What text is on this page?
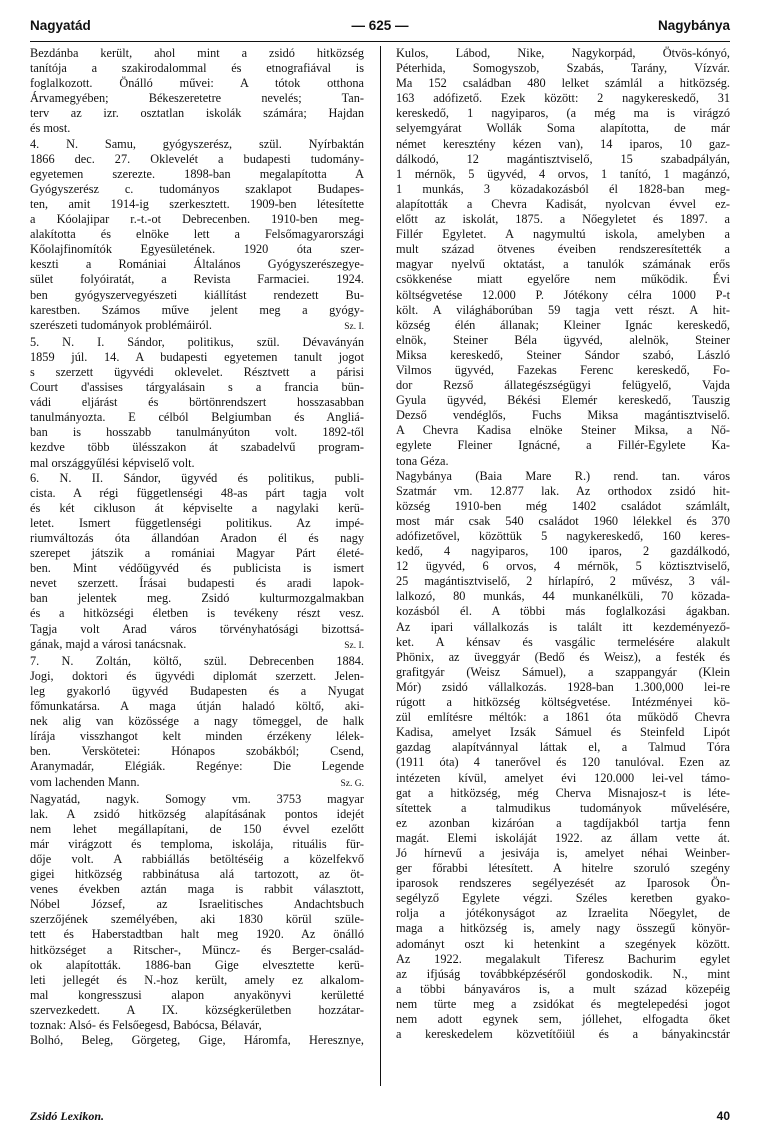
Nagyatád	— 625 —	Nagybánya
Bezdánba került, ahol mint a zsidó hitközség
tanítója a szakirodalommal és etnografiával is
foglalkozott. Önálló művei: A tótok otthona
Árvamegyében; Békeszeretetre nevelés; Tan-
terv az izr. osztatlan iskolák számára; Hajdan
és most.
4. N. Samu, gyógyszerész, szül. Nyírbaktán
1866 dec. 27. Oklevelét a budapesti tudomány-
egyetemen szerezte. 1898-ban megalapította A
Gyógyszerész c. tudományos szaklapot Budapes-
ten, amit 1914-ig szerkesztett. 1909-ben létesítette
a Kóolajipar r.-t.-ot Debrecenben. 1910-ben meg-
alakította és elnöke lett a Felsőmagyarországi
Kőolajfinomítók Egyesületének. 1920 óta szer-
keszti a Romániai Általános Gyógyszerészegye-
sület folyóiratát, a Revista Farmaciei. 1924.
ben gyógyszervegyészeti kiállítást rendezett Bu-
karestben. Számos műve jelent meg a gyógy-
Sz. I.
szerészeti tudományok problémáiról.
5. N. I. Sándor, politikus, szül. Dévaványán
1859 júl. 14. A budapesti egyetemen tanult jogot
s szerzett ügyvédi oklevelet. Résztvett a párisi
Court d'assises tárgyalásain s a francia bün-
vádi eljárást és börtönrendszert hosszasabban
tanulmányozta. E célból Belgiumban és Angliá-
ban is hosszabb tanulmányúton volt. 1892-től
kezdve több ülésszakon át szabadelvű program-
mal országgyűlési képviselő volt.
6. N. II. Sándor, ügyvéd és politikus, publi-
cista. A régi függetlenségi 48-as párt tagja volt
és két cikluson át képviselte a nagylaki kerü-
letet. Ismert függetlenségi politikus. Az impé-
riumváltozás óta állandóan Aradon él és nagy
szerepet játszik a romániai Magyar Párt életé-
ben. Mint védőügyvéd és publicista is ismert
nevet szerzett. Írásai budapesti és aradi lapok-
ban jelentek meg. Zsidó kulturmozgalmakban
és a hitközségi életben is tevékeny részt vesz.
Tagja volt Arad város törvényhatósági bizottsá-
Sz. I.
gának, majd a városi tanácsnak.
7. N. Zoltán, költő, szül. Debrecenben 1884.
Jogi, doktori és ügyvédi diplomát szerzett. Jelen-
leg gyakorló ügyvéd Budapesten és a Nyugat
főmunkatársa. A maga útján haladó költő, aki-
nek alig van közössége a nagy tömeggel, de halk
lírája visszhangot kelt minden érzékeny lélek-
ben. Verskötetei: Hónapos szobákból; Csend,
Aranymadár, Elégiák. Regénye: Die Legende
Sz. G.
vom lachenden Mann.
Nagyatád, nagyk. Somogy vm. 3753 magyar
lak. A zsidó hitközség alapításának pontos idejét
nem lehet megállapítani, de 150 évvel ezelőtt
már virágzott és temploma, iskolája, rituális für-
dője volt. A rabbiállás betöltéséig a közelfekvő
gigei hitközség rabbinátusa alá tartozott, az öt-
venes években aztán maga is rabbit választott,
Nóbel József, az Israelitisches Andachtsbuch
szerzőjének személyében, aki 1830 körül szüle-
tett és Haberstadtban halt meg 1920. Az önálló
hitközséget a Ritscher-, Müncz- és Berger-család-
ok alapították. 1886-ban Gige elvesztette kerü-
leti jellegét és N.-hoz került, amely ez alkalom-
mal kongresszusi alapon anyakönyvi kerületté
szervezkedett. A IX. községkerületben hozzátar-
toznak: Alsó- és Felsőegesd, Babócsa, Bélavár,
Bolhó, Beleg, Görgeteg, Gige, Háromfa, Heresznye,
Kulos, Lábod, Nike, Nagykorpád, Ötvös-kónyó,
Péterhida, Somogyszob, Szabás, Tarány, Vízvár.
Ma 152 családban 480 lelket számlál a hitközség.
163 adófizető. Ezek között: 2 nagykereskedő, 31
kereskedő, 1 nagyiparos, (a még ma is virágzó
selyemgyárat Wollák Soma alapította, de már
német keresztény kézen van), 14 iparos, 10 gaz-
dálkodó, 12 magántisztviselő, 15 szabadpályán,
1 mérnök, 5 ügyvéd, 4 orvos, 1 tanító, 1 magánzó,
1 munkás, 3 közadakozásból él 1828-ban meg-
alapították a Chevra Kadisát, nyolcvan évvel ez-
előtt az iskolát, 1875. a Nőegyletet és 1897. a
Fillér Egyletet. A nagymultú iskola, amelyben a
mult század ötvenes éveiben rendszeresítették a
magyar nyelvű oktatást, a tanulók számának erős
csökkenése miatt egyelőre nem működik. Évi
költségvetése 12.000 P. Jótékony célra 1000 P-t
költ. A világháborúban 59 tagja vett részt. A hit-
község élén állanak; Kleiner Ignác kereskedő,
elnök, Steiner Béla ügyvéd, alelnök, Steiner
Miksa kereskedő, Steiner Sándor szabó, László
Vilmos ügyvéd, Fazekas Ferenc kereskedő, Fo-
dor Rezső állategészségügyi felügyelő, Vajda
Gyula ügyvéd, Békési Elemér kereskedő, Tauszig
Dezső vendéglős, Fuchs Miksa magántisztviselő.
A Chevra Kadisa elnöke Steiner Miksa, a Nő-
egylete Fleiner Ignácné, a Fillér-Egylete Ka-
tona Géza.
Nagybánya (Baia Mare R.) rend. tan. város
Szatmár vm. 12.877 lak. Az orthodox zsidó hit-
község 1910-ben még 1402 családot számlált,
most már csak 540 családot 1960 lélekkel és 370
adófizetővel, közöttük 5 nagykereskedő, 160 keres-
kedő, 4 nagyiparos, 100 iparos, 2 gazdálkodó,
12 ügyvéd, 6 orvos, 4 mérnök, 5 köztisztviselő,
25 magántisztviselő, 2 hírlapíró, 2 művész, 3 vál-
lalkozó, 80 munkás, 44 munkanélküli, 70 közada-
kozásból él. A többi más foglalkozási ágakban.
Az ipari vállalkozás is talált itt kezdeményező-
ket. A kénsav és vasgálic termelésére alakult
Phönix, az üveggyár (Bedő és Weisz), a festék és
grafitgyár (Weisz Sámuel), a szappangyár (Klein
Mór) zsidó vállalkozás. 1928-ban 1.300,000 lei-re
rúgott a hitközség költségvetése. Intézményei kö-
zül említésre méltók: a 1861 óta működő Chevra
Kadisa, amelyet Izsák Sámuel és Steinfeld Lipót
gazdag alapítvánnyal láttak el, a Talmud Tóra
(1911 óta) 4 tanerővel és 120 tanulóval. Ezen az
intézeten kívül, amelyet évi 120.000 lei-vel támo-
gat a hitközség, még Cherva Misnajosz-t is léte-
sítettek a talmudikus tudományok művelésére,
ez azonban kizáróan a tagdíjakból tartja fenn
magát. Elemi iskoláját 1922. az állam vette át.
Jó hírnevű a jesivája is, amelyet néhai Weinber-
ger főrabbi létesített. A hitelre szoruló szegény
iparosok rendszeres segélyezését az Iparosok Ön-
segélyző Egylete végzi. Széles keretben gyako-
rolja a jótékonyságot az Izraelita Nőegylet, de
maga a hitközség is, amely nagy összegű könyör-
adományt oszt ki hetenkint a szegények között.
Az 1922. megalakult Tiferesz Bachurim egylet
az ifjúság továbbképzéséről gondoskodik. N., mint
a többi bányaváros is, a mult század közepéig
nem türte meg a zsidókat és megtelepedési jogot
nem adott egynek sem, jóllehet, elfogadta őket
a kereskedelem közvetítőiül és a bányakincstár
Zsidó Lexikon.	40
